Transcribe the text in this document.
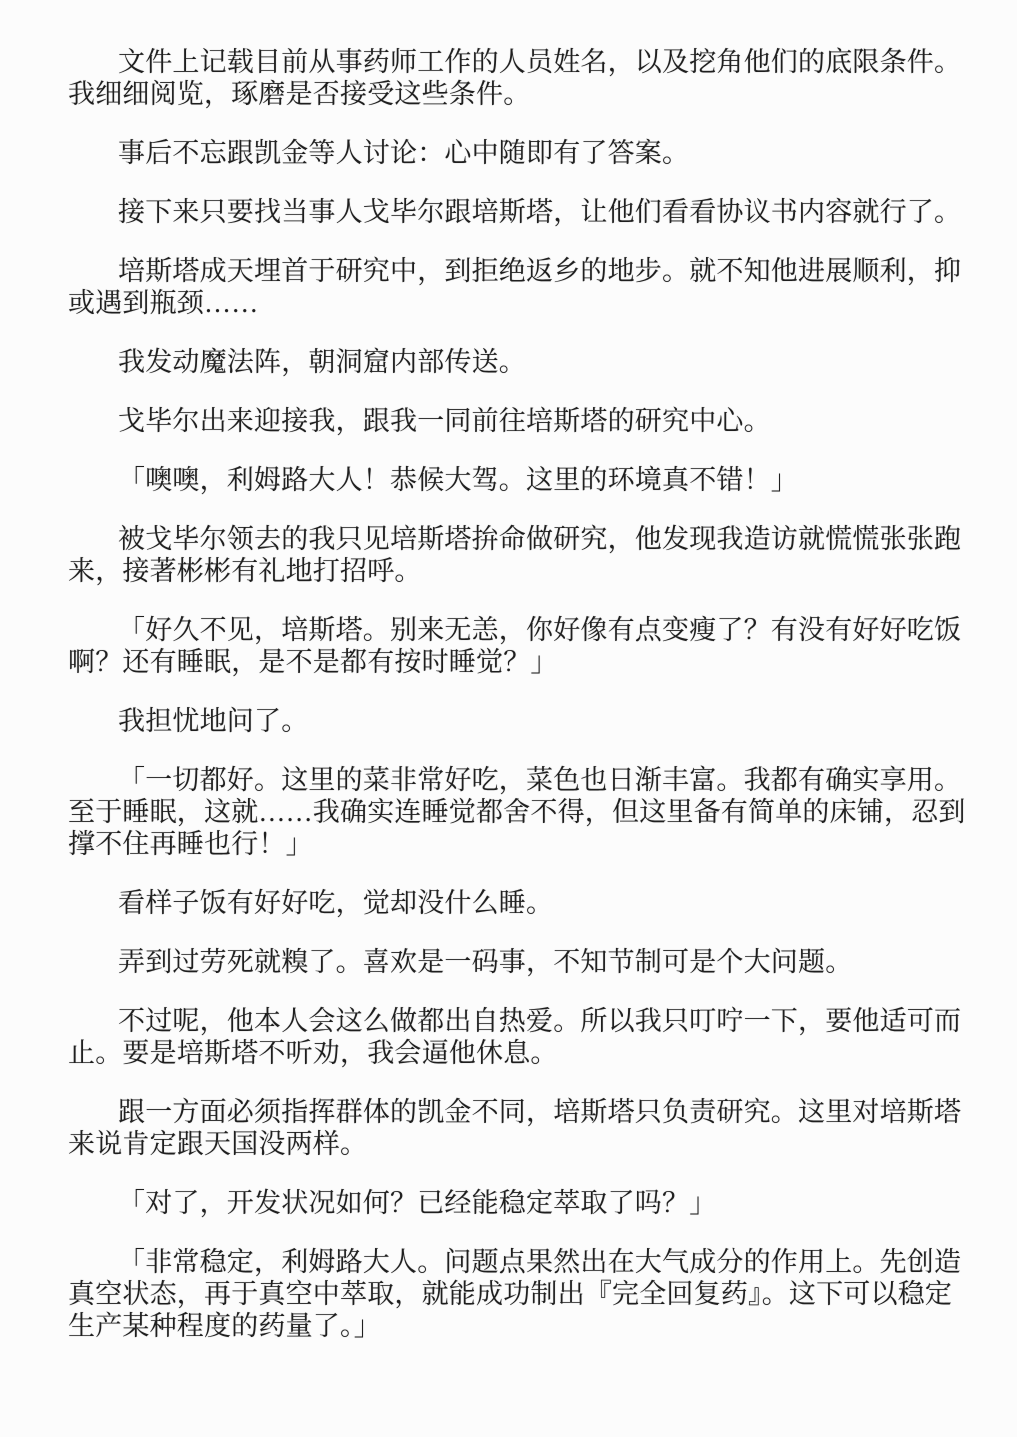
文件上记载目前从事药师工作的人员姓名，以及挖角他们的底限条件。
我细细阅览，琢磨是否接受这些条件。
事后不忘跟凯金等人讨论：心中随即有了答案。
接下来只要找当事人戈毕尔跟培斯塔，让他们看看协议书内容就行了。
培斯塔成天埋首于研究中，到拒绝返乡的地步。就不知他进展顺利，抑
或遇到瓶颈……
我发动魔法阵，朝洞窟内部传送。
戈毕尔出来迎接我，跟我一同前往培斯塔的研究中心。
「噢噢，利姆路大人！恭候大驾。这里的环境真不错！」
被戈毕尔领去的我只见培斯塔拚命做研究，他发现我造访就慌慌张张跑
来，接著彬彬有礼地打招呼。
「好久不见，培斯塔。别来无恙，你好像有点变瘦了？有没有好好吃饭
啊？还有睡眠，是不是都有按时睡觉？」
我担忧地问了。
「一切都好。这里的菜非常好吃，菜色也日渐丰富。我都有确实享用。
至于睡眠，这就……我确实连睡觉都舍不得，但这里备有简单的床铺，忍到
撑不住再睡也行！」
看样子饭有好好吃，觉却没什么睡。
弄到过劳死就糗了。喜欢是一码事，不知节制可是个大问题。
不过呢，他本人会这么做都出自热爱。所以我只叮咛一下，要他适可而
止。要是培斯塔不听劝，我会逼他休息。
跟一方面必须指挥群体的凯金不同，培斯塔只负责研究。这里对培斯塔
来说肯定跟天国没两样。
「对了，开发状况如何？已经能稳定萃取了吗？」
「非常稳定，利姆路大人。问题点果然出在大气成分的作用上。先创造
真空状态，再于真空中萃取，就能成功制出『完全回复药』。这下可以稳定
生产某种程度的药量了。」
